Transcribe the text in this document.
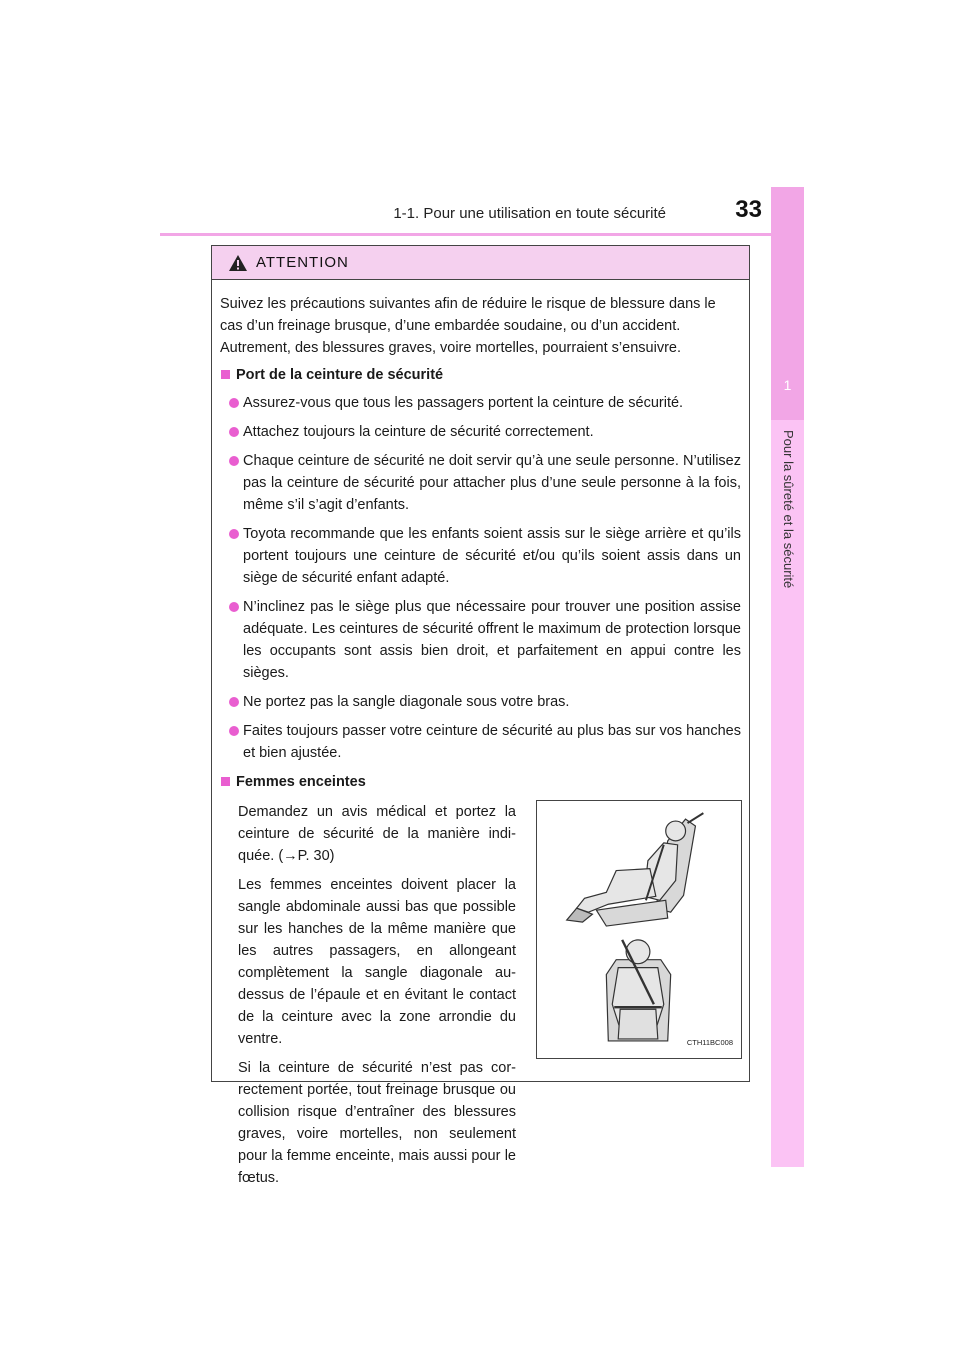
1-1. Pour une utilisation en toute sécurité	33
1
Pour la sûreté et la sécurité
ATTENTION

Suivez les précautions suivantes afin de réduire le risque de blessure dans le cas d’un freinage brusque, d’une embardée soudaine, ou d’un accident. Autrement, des blessures graves, voire mortelles, pourraient s’ensuivre.

Port de la ceinture de sécurité
Assurez-vous que tous les passagers portent la ceinture de sécurité.
Attachez toujours la ceinture de sécurité correctement.
Chaque ceinture de sécurité ne doit servir qu’à une seule personne. N’utilisez pas la ceinture de sécurité pour attacher plus d’une seule personne à la fois, même s’il s’agit d’enfants.
Toyota recommande que les enfants soient assis sur le siège arrière et qu’ils portent toujours une ceinture de sécurité et/ou qu’ils soient assis dans un siège de sécurité enfant adapté.
N’inclinez pas le siège plus que nécessaire pour trouver une position assise adéquate. Les ceintures de sécurité offrent le maximum de protection lorsque les occupants sont assis bien droit, et parfaitement en appui contre les sièges.
Ne portez pas la sangle diagonale sous votre bras.
Faites toujours passer votre ceinture de sécurité au plus bas sur vos hanches et bien ajustée.
Femmes enceintes

Demandez un avis médical et portez la ceinture de sécurité de la manière indiquée. (→P. 30)

Les femmes enceintes doivent placer la sangle abdominale aussi bas que possible sur les hanches de la même manière que les autres passagers, en allongeant complètement la sangle diagonale au-dessus de l’épaule et en évitant le contact de la ceinture avec la zone arrondie du ventre.

Si la ceinture de sécurité n’est pas correctement portée, tout freinage brusque ou collision risque d’entraîner des blessures graves, voire mortelles, non seulement pour la femme enceinte, mais aussi pour le fœtus.

CTH11BC008
